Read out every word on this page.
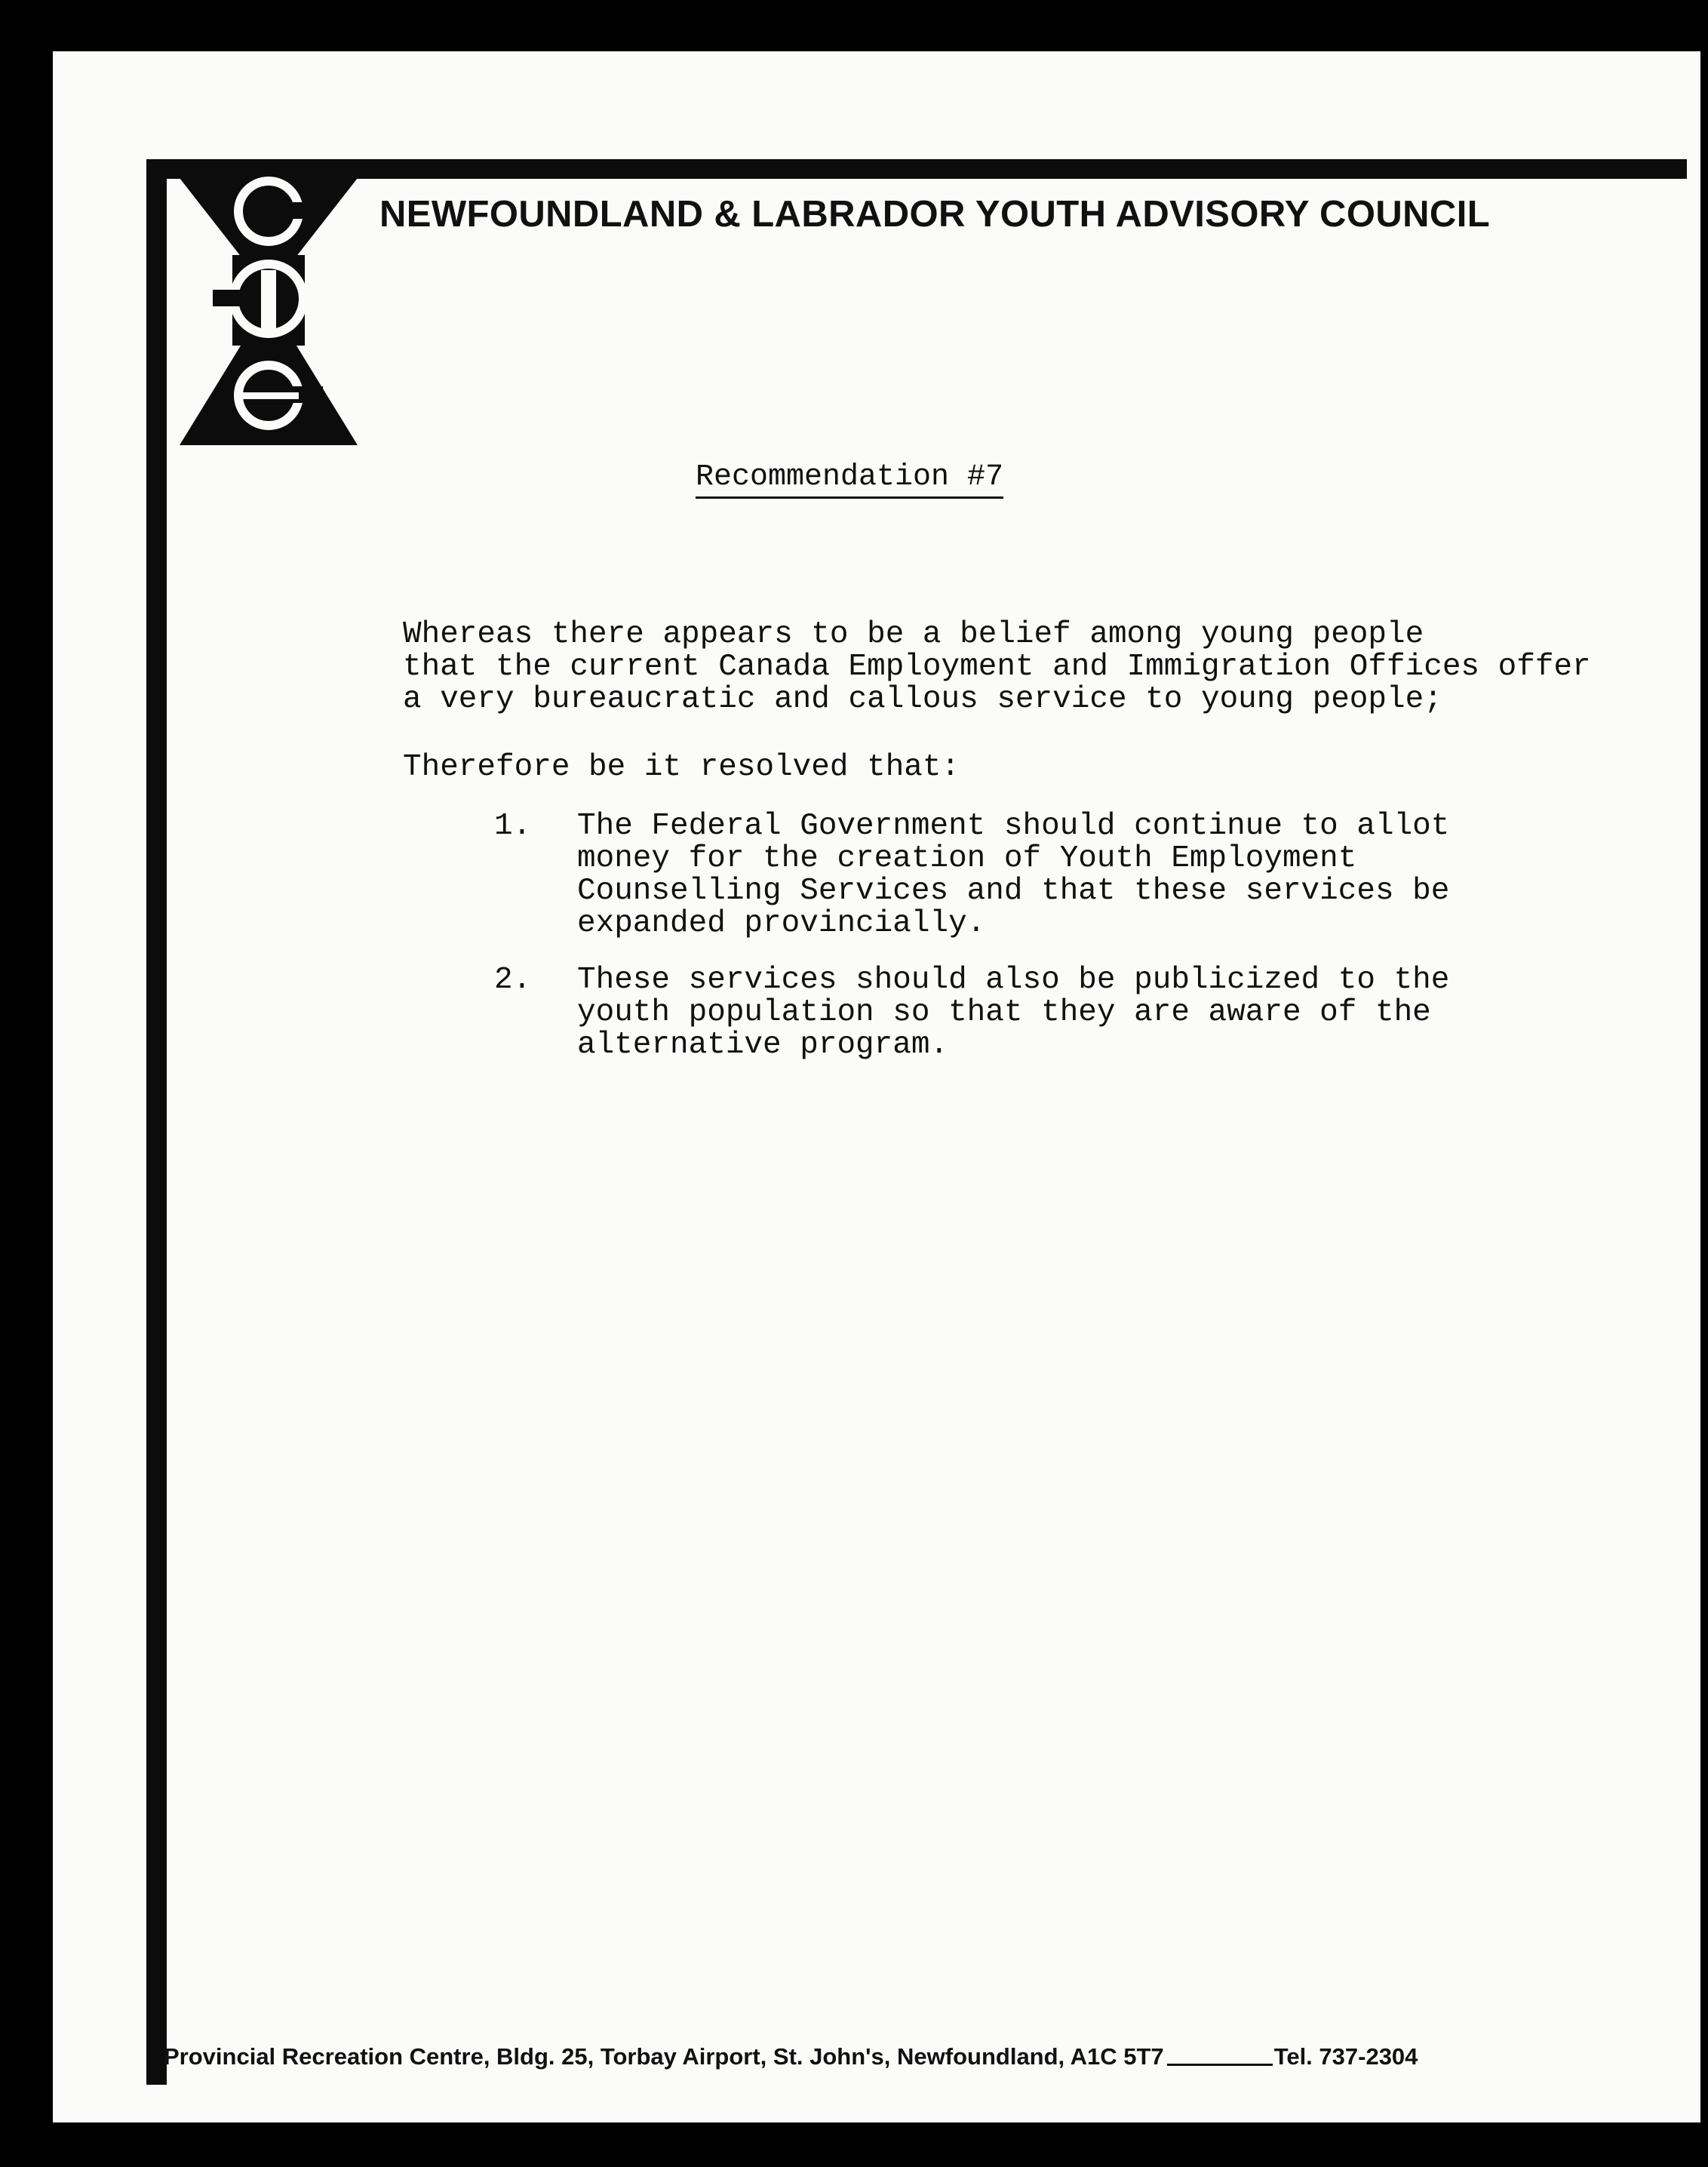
NEWFOUNDLAND & LABRADOR YOUTH ADVISORY COUNCIL
Recommendation #7

Whereas there appears to be a belief among young people
that the current Canada Employment and Immigration Offices offer
a very bureaucratic and callous service to young people;

Therefore be it resolved that:

1. The Federal Government should continue to allot
money for the creation of Youth Employment
Counselling Services and that these services be
expanded provincially.

2. These services should also be publicized to the
youth population so that they are aware of the
alternative program.

Provincial Recreation Centre, Bldg. 25, Torbay Airport, St. John's, Newfoundland, A1C 5T7	Tel. 737-2304
